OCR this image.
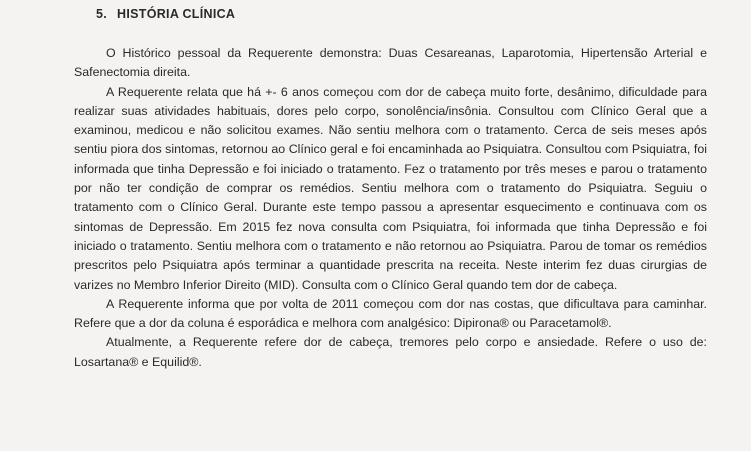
5. HISTÓRIA CLÍNICA

O Histórico pessoal da Requerente demonstra: Duas Cesareanas, Laparotomia, Hipertensão Arterial e Safenectomia direita.

A Requerente relata que há +- 6 anos começou com dor de cabeça muito forte, desânimo, dificuldade para realizar suas atividades habituais, dores pelo corpo, sonolência/insônia. Consultou com Clínico Geral que a examinou, medicou e não solicitou exames. Não sentiu melhora com o tratamento. Cerca de seis meses após sentiu piora dos sintomas, retornou ao Clínico geral e foi encaminhada ao Psiquiatra. Consultou com Psiquiatra, foi informada que tinha Depressão e foi iniciado o tratamento. Fez o tratamento por três meses e parou o tratamento por não ter condição de comprar os remédios. Sentiu melhora com o tratamento do Psiquiatra. Seguiu o tratamento com o Clínico Geral. Durante este tempo passou a apresentar esquecimento e continuava com os sintomas de Depressão. Em 2015 fez nova consulta com Psiquiatra, foi informada que tinha Depressão e foi iniciado o tratamento. Sentiu melhora com o tratamento e não retornou ao Psiquiatra. Parou de tomar os remédios prescritos pelo Psiquiatra após terminar a quantidade prescrita na receita. Neste interim fez duas cirurgias de varizes no Membro Inferior Direito (MID). Consulta com o Clínico Geral quando tem dor de cabeça.

A Requerente informa que por volta de 2011 começou com dor nas costas, que dificultava para caminhar. Refere que a dor da coluna é esporádica e melhora com analgésico: Dipirona® ou Paracetamol®.

Atualmente, a Requerente refere dor de cabeça, tremores pelo corpo e ansiedade. Refere o uso de: Losartana® e Equilid®.
